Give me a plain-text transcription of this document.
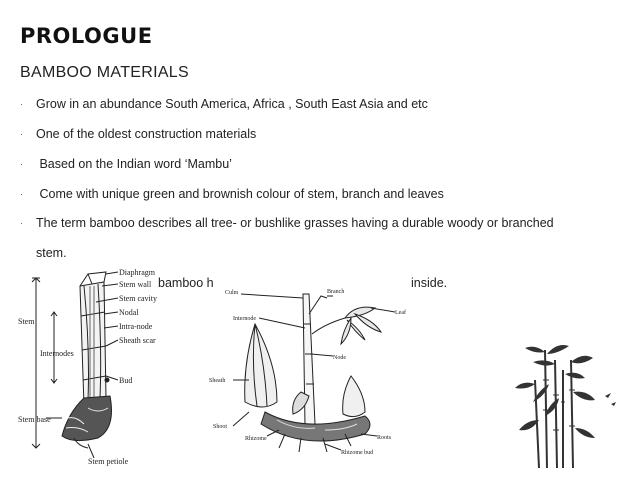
PROLOGUE
BAMBOO MATERIALS
· Grow in an abundance South America, Africa , South East Asia and etc
· One of the oldest construction materials
· Based on the Indian word ‘Mambu’
· Come with unique green and brownish colour of stem, branch and leaves
· The term bamboo describes all tree- or bushlike grasses having a durable woody or branched
stem.
bamboo h	inside.
Diaphragm
Stem wall
Stem cavity
Nodal
Intra-node
Sheath scar
Bud
Stem
Internodes
Stem base
Stem petiole
Culm	Branch
Leaf
Internode
Node
Sheath
Shoot
Rhizome	Roots
Rhizome bud
